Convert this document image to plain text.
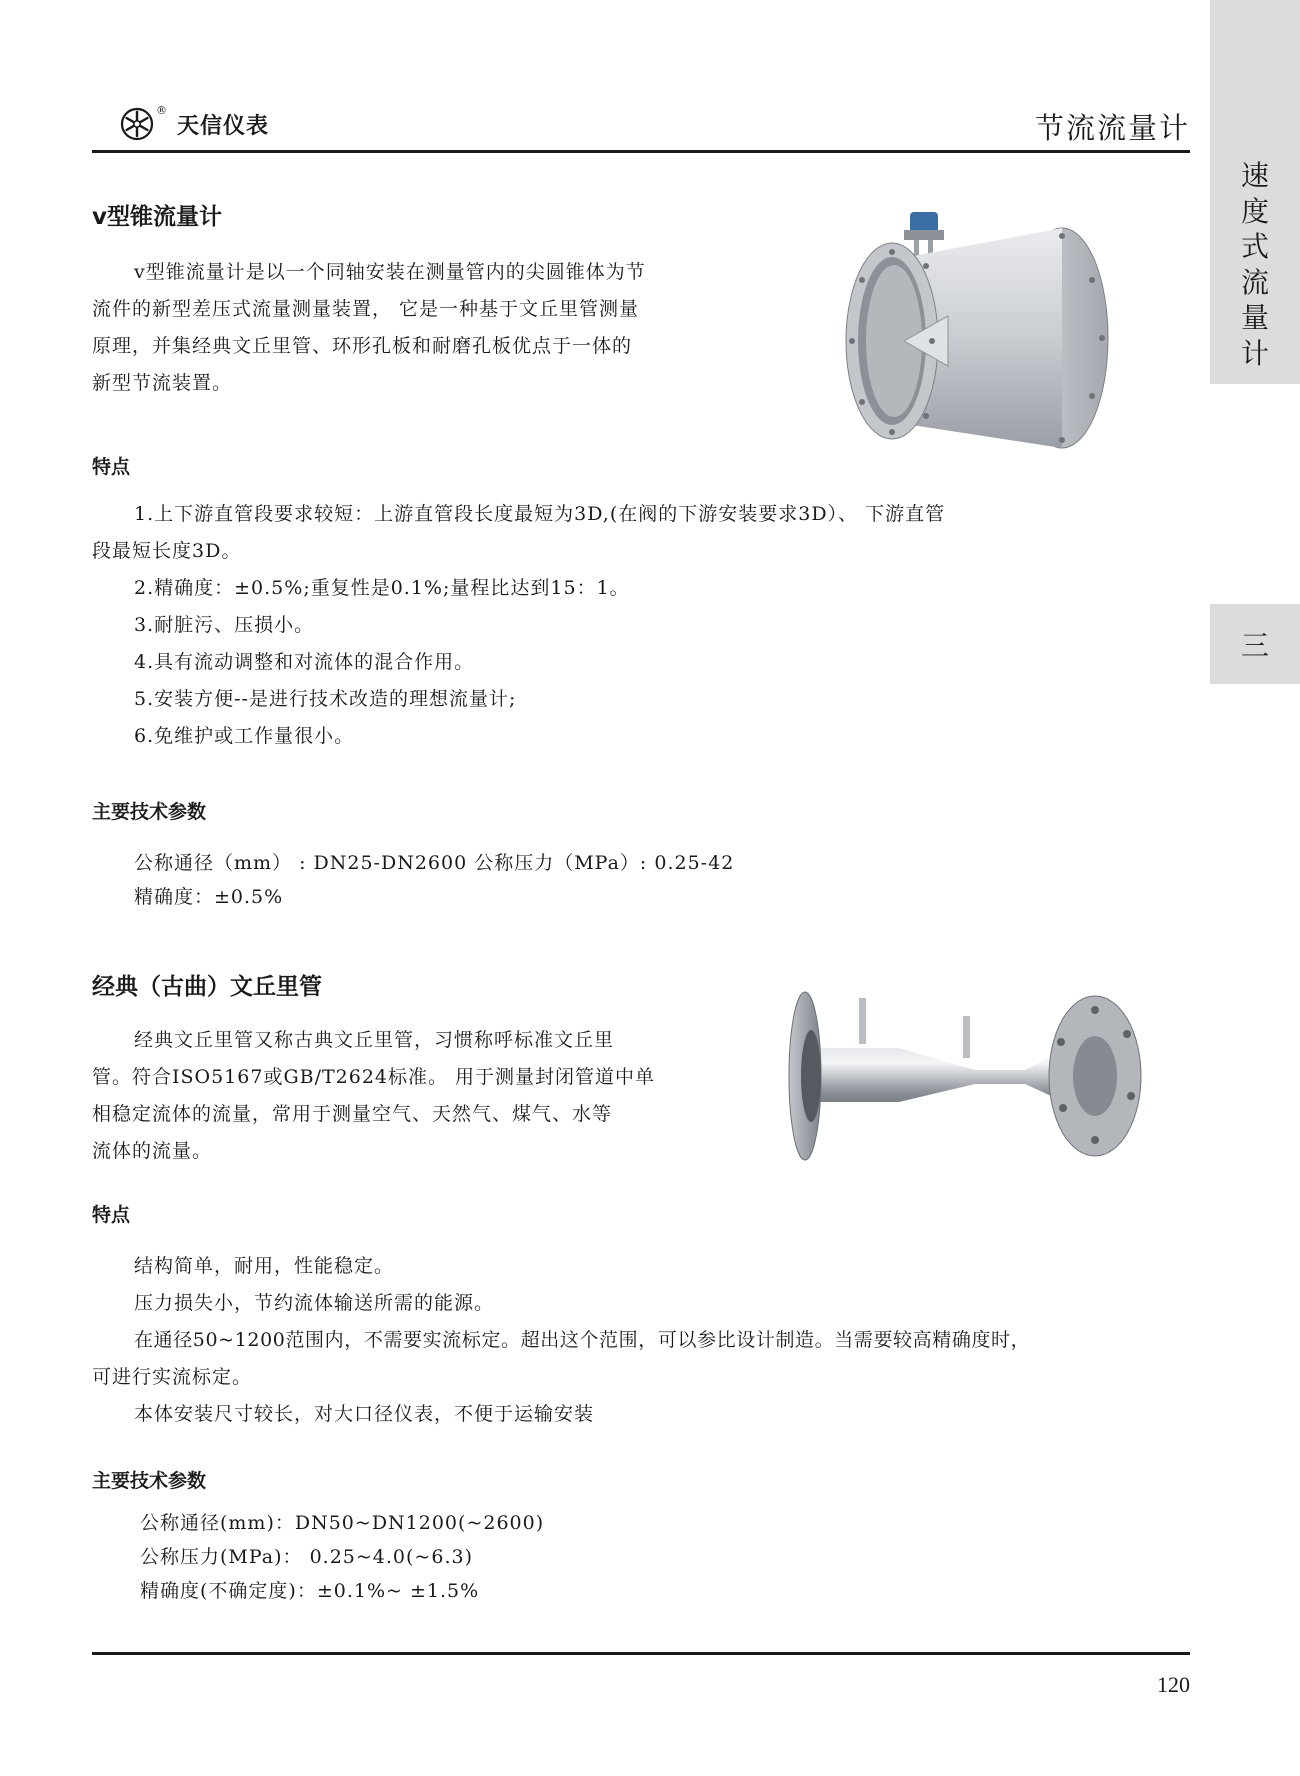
®
天信仪表	节流流量计
速
度
式
流
量
计
三
v型锥流量计
v型锥流量计是以一个同轴安装在测量管内的尖圆锥体为节
流件的新型差压式流量测量装置， 它是一种基于文丘里管测量
原理，并集经典文丘里管、环形孔板和耐磨孔板优点于一体的
新型节流装置。
特点
1.上下游直管段要求较短：上游直管段长度最短为3D,(在阀的下游安装要求3D）、 下游直管
段最短长度3D。
2.精确度：±0.5%;重复性是0.1%;量程比达到15：1。
3.耐脏污、压损小。
4.具有流动调整和对流体的混合作用。
5.安装方便--是进行技术改造的理想流量计;
6.免维护或工作量很小。
主要技术参数
公称通径（mm） : DN25-DN2600 公称压力（MPa）: 0.25-42
精确度：±0.5%
经典（古曲）文丘里管
经典文丘里管又称古典文丘里管，习惯称呼标准文丘里
管。符合ISO5167或GB/T2624标准。 用于测量封闭管道中单
相稳定流体的流量，常用于测量空气、天然气、煤气、水等
流体的流量。
特点
结构简单，耐用，性能稳定。
压力损失小，节约流体输送所需的能源。
在通径50~1200范围内，不需要实流标定。超出这个范围，可以参比设计制造。当需要较高精确度时，
可进行实流标定。
本体安装尺寸较长，对大口径仪表，不便于运输安装
主要技术参数
公称通径(mm)：DN50~DN1200(~2600)
公称压力(MPa)： 0.25~4.0(~6.3)
精确度(不确定度)：±0.1%~ ±1.5%
120
